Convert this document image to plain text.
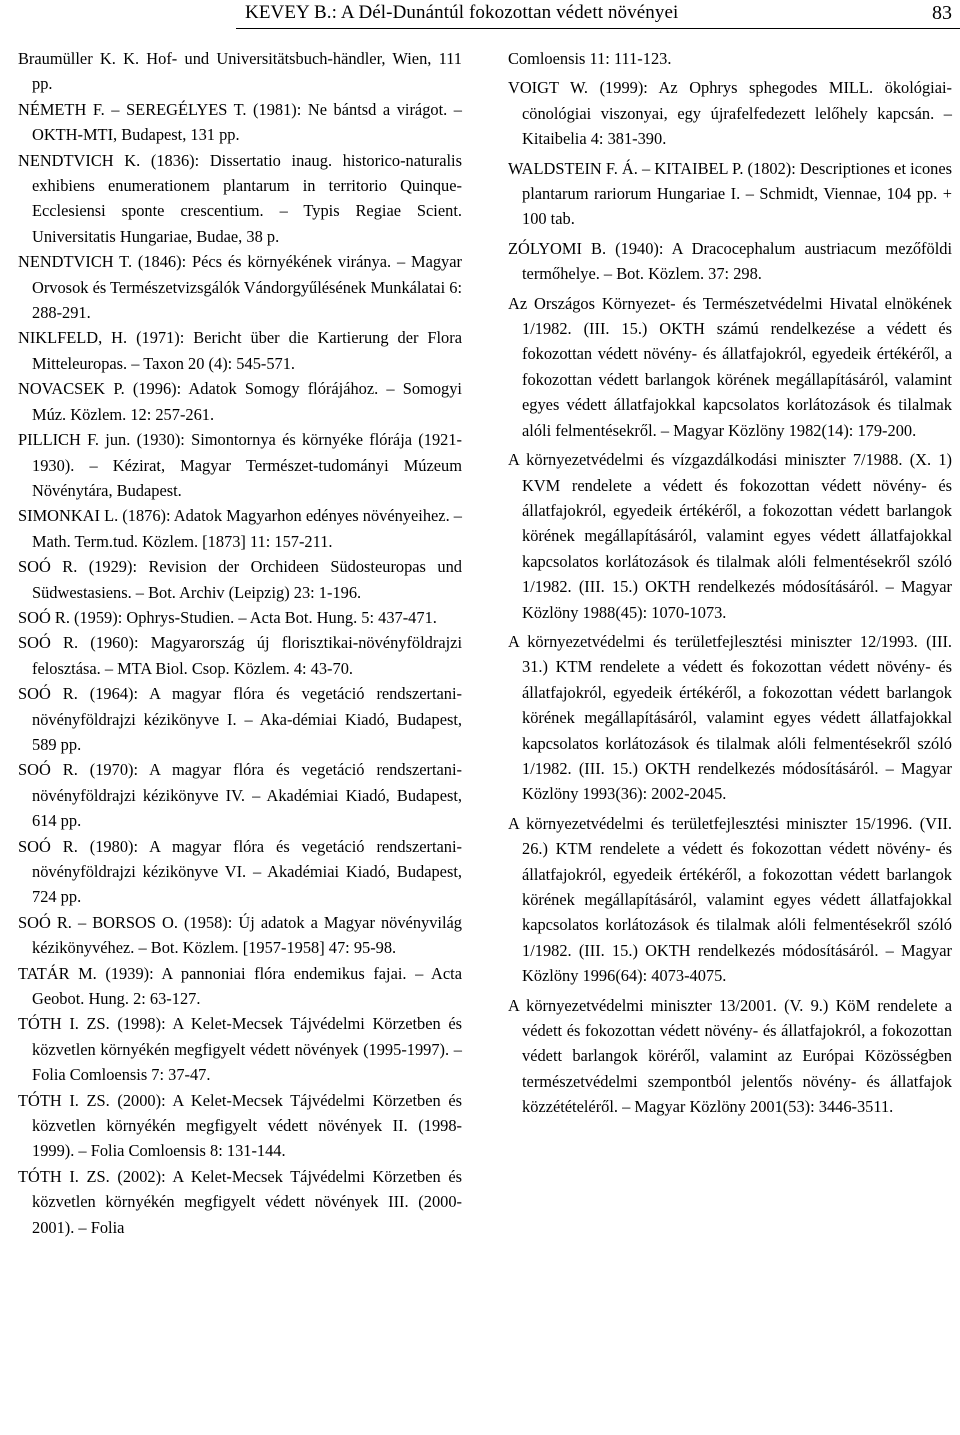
KEVEY B.: A Dél-Dunántúl fokozottan védett növényei	83

Braumüller K. K. Hof- und Universitätsbuch-händler, Wien, 111 pp.

NÉMETH F. – SEREGÉLYES T. (1981): Ne bántsd a virágot. – OKTH-MTI, Budapest, 131 pp.

NENDTVICH K. (1836): Dissertatio inaug. historico-naturalis exhibiens enumerationem plantarum in territorio Quinque-Ecclesiensi sponte crescentium. – Typis Regiae Scient. Universitatis Hungariae, Budae, 38 p.

NENDTVICH T. (1846): Pécs és környékének viránya. – Magyar Orvosok és Természetvizsgálók Vándorgyűlésének Munkálatai 6: 288-291.

NIKLFELD, H. (1971): Bericht über die Kartierung der Flora Mitteleuropas. – Taxon 20 (4): 545-571.

NOVACSEK P. (1996): Adatok Somogy flórájához. – Somogyi Múz. Közlem. 12: 257-261.

PILLICH F. jun. (1930): Simontornya és környéke flórája (1921-1930). – Kézirat, Magyar Természet-tudományi Múzeum Növénytára, Budapest.

SIMONKAI L. (1876): Adatok Magyarhon edényes növényeihez. – Math. Term.tud. Közlem. [1873] 11: 157-211.

SOÓ R. (1929): Revision der Orchideen Südosteuropas und Südwestasiens. – Bot. Archiv (Leipzig) 23: 1-196.

SOÓ R. (1959): Ophrys-Studien. – Acta Bot. Hung. 5: 437-471.

SOÓ R. (1960): Magyarország új florisztikai-növényföldrajzi felosztása. – MTA Biol. Csop. Közlem. 4: 43-70.

SOÓ R. (1964): A magyar flóra és vegetáció rendszertani-növényföldrajzi kézikönyve I. – Aka-démiai Kiadó, Budapest, 589 pp.

SOÓ R. (1970): A magyar flóra és vegetáció rendszertani-növényföldrajzi kézikönyve IV. – Akadémiai Kiadó, Budapest, 614 pp.

SOÓ R. (1980): A magyar flóra és vegetáció rendszertani-növényföldrajzi kézikönyve VI. – Akadémiai Kiadó, Budapest, 724 pp.

SOÓ R. – BORSOS O. (1958): Új adatok a Magyar növényvilág kézikönyvéhez. – Bot. Közlem. [1957-1958] 47: 95-98.

TATÁR M. (1939): A pannoniai flóra endemikus fajai. – Acta Geobot. Hung. 2: 63-127.

TÓTH I. ZS. (1998): A Kelet-Mecsek Tájvédelmi Körzetben és közvetlen környékén megfigyelt védett növények (1995-1997). – Folia Comloensis 7: 37-47.

TÓTH I. ZS. (2000): A Kelet-Mecsek Tájvédelmi Körzetben és közvetlen környékén megfigyelt védett növények II. (1998-1999). – Folia Comloensis 8: 131-144.

TÓTH I. ZS. (2002): A Kelet-Mecsek Tájvédelmi Körzetben és közvetlen környékén megfigyelt védett növények III. (2000-2001). – Folia

Comloensis 11: 111-123.

VOIGT W. (1999): Az Ophrys sphegodes MILL. ökológiai-cönológiai viszonyai, egy újrafelfedezett lelőhely kapcsán. – Kitaibelia 4: 381-390.

WALDSTEIN F. Á. – KITAIBEL P. (1802): Descriptiones et icones plantarum rariorum Hungariae I. – Schmidt, Viennae, 104 pp. + 100 tab.

ZÓLYOMI B. (1940): A Dracocephalum austriacum mezőföldi termőhelye. – Bot. Közlem. 37: 298.

Az Országos Környezet- és Természetvédelmi Hivatal elnökének 1/1982. (III. 15.) OKTH számú rendelkezése a védett és fokozottan védett növény- és állatfajokról, egyedeik értékéről, a fokozottan védett barlangok körének megállapításáról, valamint egyes védett állatfajokkal kapcsolatos korlátozások és tilalmak alóli felmentésekről. – Magyar Közlöny 1982(14): 179-200.

A környezetvédelmi és vízgazdálkodási miniszter 7/1988. (X. 1) KVM rendelete a védett és fokozottan védett növény- és állatfajokról, egyedeik értékéről, a fokozottan védett barlangok körének megállapításáról, valamint egyes védett állatfajokkal kapcsolatos korlátozások és tilalmak alóli felmentésekről szóló 1/1982. (III. 15.) OKTH rendelkezés módosításáról. – Magyar Közlöny 1988(45): 1070-1073.

A környezetvédelmi és területfejlesztési miniszter 12/1993. (III. 31.) KTM rendelete a védett és fokozottan védett növény- és állatfajokról, egyedeik értékéről, a fokozottan védett barlangok körének megállapításáról, valamint egyes védett állatfajokkal kapcsolatos korlátozások és tilalmak alóli felmentésekről szóló 1/1982. (III. 15.) OKTH rendelkezés módosításáról. – Magyar Közlöny 1993(36): 2002-2045.

A környezetvédelmi és területfejlesztési miniszter 15/1996. (VII. 26.) KTM rendelete a védett és fokozottan védett növény- és állatfajokról, egyedeik értékéről, a fokozottan védett barlangok körének megállapításáról, valamint egyes védett állatfajokkal kapcsolatos korlátozások és tilalmak alóli felmentésekről szóló 1/1982. (III. 15.) OKTH rendelkezés módosításáról. – Magyar Közlöny 1996(64): 4073-4075.

A környezetvédelmi miniszter 13/2001. (V. 9.) KöM rendelete a védett és fokozottan védett növény- és állatfajokról, a fokozottan védett barlangok köréről, valamint az Európai Közösségben természetvédelmi szempontból jelentős növény- és állatfajok közzétételéről. – Magyar Közlöny 2001(53): 3446-3511.
